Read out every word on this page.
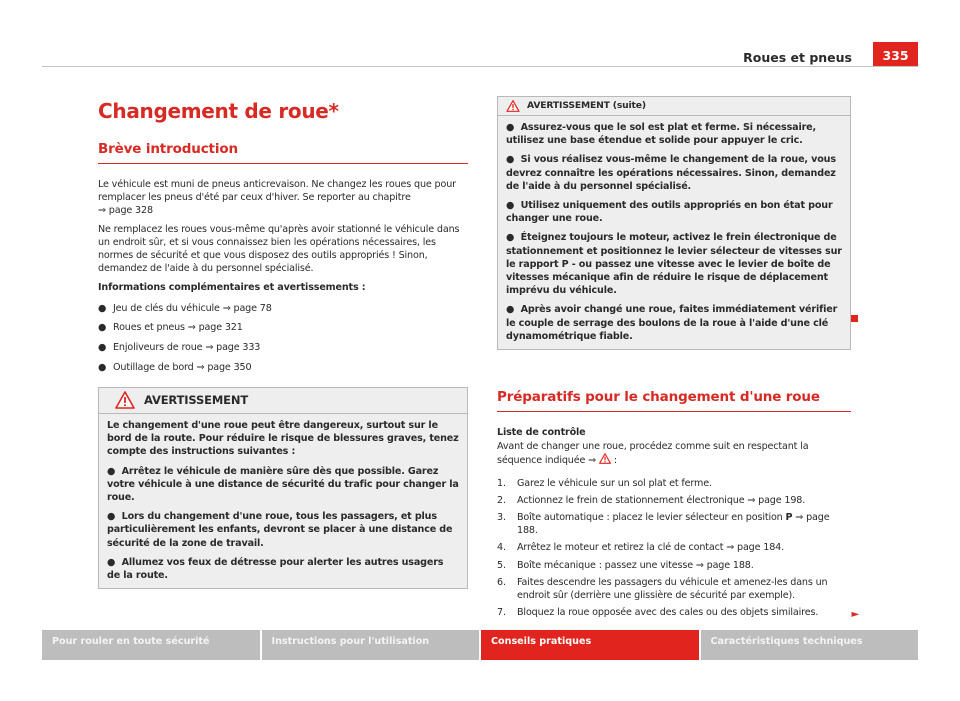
Roues et pneus	335
Changement de roue*
Brève introduction

Le véhicule est muni de pneus anticrevaison. Ne changez les roues que pour remplacer les pneus d'été par ceux d'hiver. Se reporter au chapitre
⇒ page 328

Ne remplacez les roues vous-même qu'après avoir stationné le véhicule dans un endroit sûr, et si vous connaissez bien les opérations nécessaires, les normes de sécurité et que vous disposez des outils appropriés ! Sinon, demandez de l'aide à du personnel spécialisé.

Informations complémentaires et avertissements :

● Jeu de clés du véhicule ⇒ page 78
● Roues et pneus ⇒ page 321
● Enjoliveurs de roue ⇒ page 333
● Outillage de bord ⇒ page 350
AVERTISSEMENT

Le changement d'une roue peut être dangereux, surtout sur le bord de la route. Pour réduire le risque de blessures graves, tenez compte des instructions suivantes :

●  Arrêtez le véhicule de manière sûre dès que possible. Garez votre véhicule à une distance de sécurité du trafic pour changer la roue.

●  Lors du changement d'une roue, tous les passagers, et plus particulièrement les enfants, devront se placer à une distance de sécurité de la zone de travail.

●  Allumez vos feux de détresse pour alerter les autres usagers de la route.

AVERTISSEMENT (suite)

●  Assurez-vous que le sol est plat et ferme. Si nécessaire, utilisez une base étendue et solide pour appuyer le cric.

●  Si vous réalisez vous-même le changement de la roue, vous devrez connaître les opérations nécessaires. Sinon, demandez de l'aide à du personnel spécialisé.

●  Utilisez uniquement des outils appropriés en bon état pour changer une roue.

●  Éteignez toujours le moteur, activez le frein électronique de stationnement et positionnez le levier sélecteur de vitesses sur le rapport P - ou passez une vitesse avec le levier de boîte de vitesses mécanique afin de réduire le risque de déplacement imprévu du véhicule.

●  Après avoir changé une roue, faites immédiatement vérifier le couple de serrage des boulons de la roue à l'aide d'une clé dynamométrique fiable.

Préparatifs pour le changement d'une roue

Liste de contrôle

Avant de changer une roue, procédez comme suit en respectant la séquence indiquée ⇒ :

1. Garez le véhicule sur un sol plat et ferme.
2. Actionnez le frein de stationnement électronique ⇒ page 198.
3. Boîte automatique : placez le levier sélecteur en position P ⇒ page 188.
4. Arrêtez le moteur et retirez la clé de contact ⇒ page 184.
5. Boîte mécanique : passez une vitesse ⇒ page 188.
6. Faites descendre les passagers du véhicule et amenez-les dans un endroit sûr (derrière une glissière de sécurité par exemple).
7. Bloquez la roue opposée avec des cales ou des objets similaires.	►
Pour rouler en toute sécurité	Instructions pour l'utilisation	Conseils pratiques	Caractéristiques techniques
